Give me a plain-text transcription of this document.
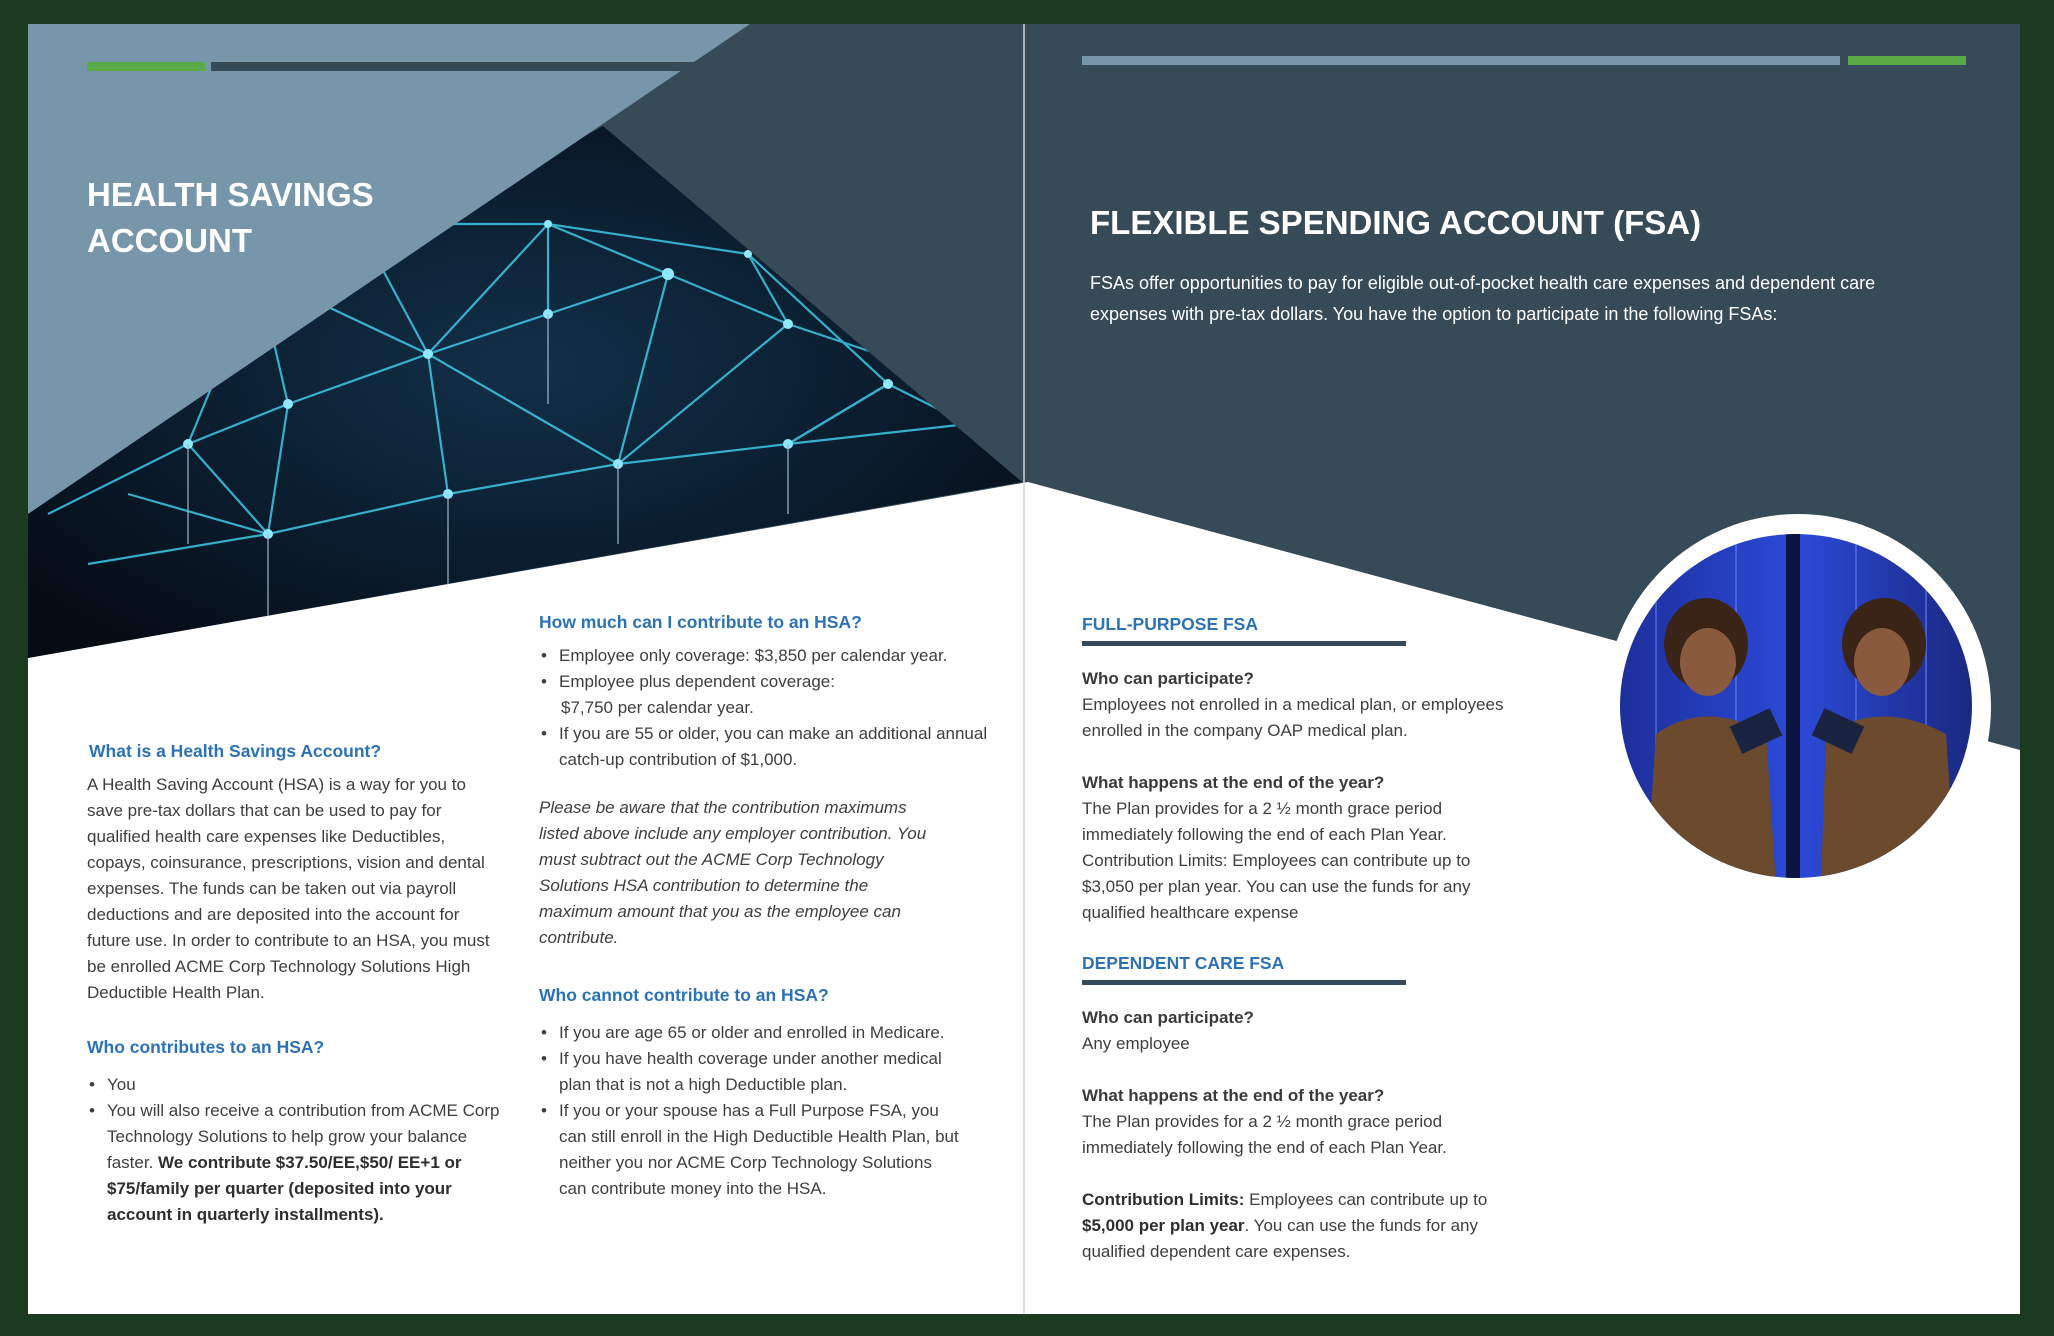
HEALTH SAVINGS
ACCOUNT	FLEXIBLE SPENDING ACCOUNT (FSA)

FSAs offer opportunities to pay for eligible out-of-pocket health care expenses and dependent care expenses with pre-tax dollars. You have the option to participate in the following FSAs:

What is a Health Savings Account?

A Health Saving Account (HSA) is a way for you to save pre-tax dollars that can be used to pay for qualified health care expenses like Deductibles, copays, coinsurance, prescriptions, vision and dental expenses. The funds can be taken out via payroll deductions and are deposited into the account for future use. In order to contribute to an HSA, you must be enrolled ACME Corp Technology Solutions High Deductible Health Plan.

Who contributes to an HSA?

• You
• You will also receive a contribution from ACME Corp Technology Solutions to help grow your balance faster. We contribute $37.50/EE,$50/ EE+1 or $75/family per quarter (deposited into your account in quarterly installments).

How much can I contribute to an HSA?

• Employee only coverage: $3,850 per calendar year.
• Employee plus dependent coverage:
$7,750 per calendar year.
• If you are 55 or older, you can make an additional annual catch-up contribution of $1,000.

Please be aware that the contribution maximums listed above include any employer contribution. You must subtract out the ACME Corp Technology Solutions HSA contribution to determine the maximum amount that you as the employee can contribute.

Who cannot contribute to an HSA?

• If you are age 65 or older and enrolled in Medicare.
• If you have health coverage under another medical plan that is not a high Deductible plan.
• If you or your spouse has a Full Purpose FSA, you can still enroll in the High Deductible Health Plan, but neither you nor ACME Corp Technology Solutions can contribute money into the HSA.

FULL-PURPOSE FSA

Who can participate?

Employees not enrolled in a medical plan, or employees enrolled in the company OAP medical plan.

What happens at the end of the year?

The Plan provides for a 2 ½ month grace period immediately following the end of each Plan Year. Contribution Limits: Employees can contribute up to $3,050 per plan year. You can use the funds for any qualified healthcare expense

DEPENDENT CARE FSA

Who can participate?

Any employee

What happens at the end of the year?

The Plan provides for a 2 ½ month grace period immediately following the end of each Plan Year.

Contribution Limits: Employees can contribute up to $5,000 per plan year. You can use the funds for any qualified dependent care expenses.
